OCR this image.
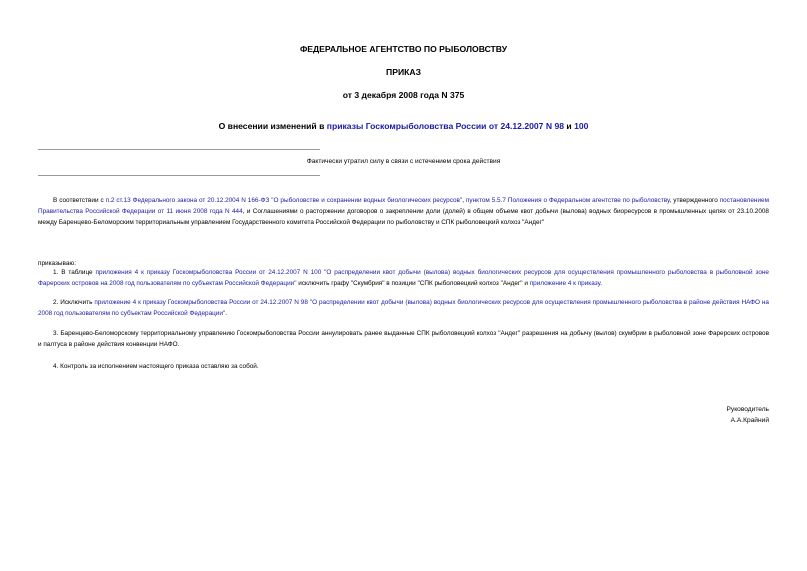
ФЕДЕРАЛЬНОЕ АГЕНТСТВО ПО РЫБОЛОВСТВУ
ПРИКАЗ
от 3 декабря 2008 года N 375
О внесении изменений в приказы Госкомрыболовства России от 24.12.2007 N 98 и 100
Фактически утратил силу в связи с истечением срока действия
В соответствии с п.2 ст.13 Федерального закона от 20.12.2004 N 166-ФЗ "О рыболовстве и сохранении водных биологических ресурсов", пунктом 5.5.7 Положения о Федеральном агентстве по рыболовству, утвержденного постановлением Правительства Российской Федерации от 11 июня 2008 года N 444, и Соглашениями о расторжении договоров о закреплении доли (долей) в общем объеме квот добычи (вылова) водных биоресурсов в промышленных целях от 23.10.2008 между Баренцево-Беломорским территориальным управлением Государственного комитета Российской Федерации по рыболовству и СПК рыболовецкий колхоз "Андег"
приказываю:
1. В таблице приложения 4 к приказу Госкомрыболовства России от 24.12.2007 N 100 "О распределении квот добычи (вылова) водных биологических ресурсов для осуществления промышленного рыболовства в рыболовной зоне Фарерских островов на 2008 год пользователям по субъектам Российской Федерации" исключить графу "Скумбрия" в позиции "СПК рыболовецкий колхоз "Андег" и приложение 4 к приказу.
2. Исключить приложение 4 к приказу Госкомрыболовства России от 24.12.2007 N 98 "О распределении квот добычи (вылова) водных биологических ресурсов для осуществления промышленного рыболовства в районе действия НАФО на 2008 год пользователям по субъектам Российской Федерации".
3. Баренцево-Беломорскому территориальному управлению Госкомрыболовства России аннулировать ранее выданные СПК рыболовецкий колхоз "Андег" разрешения на добычу (вылов) скумбрии в рыболовной зоне Фарерских островов и палтуса в районе действия конвенции НАФО.
4. Контроль за исполнением настоящего приказа оставляю за собой.
Руководитель
А.А.Крайний
